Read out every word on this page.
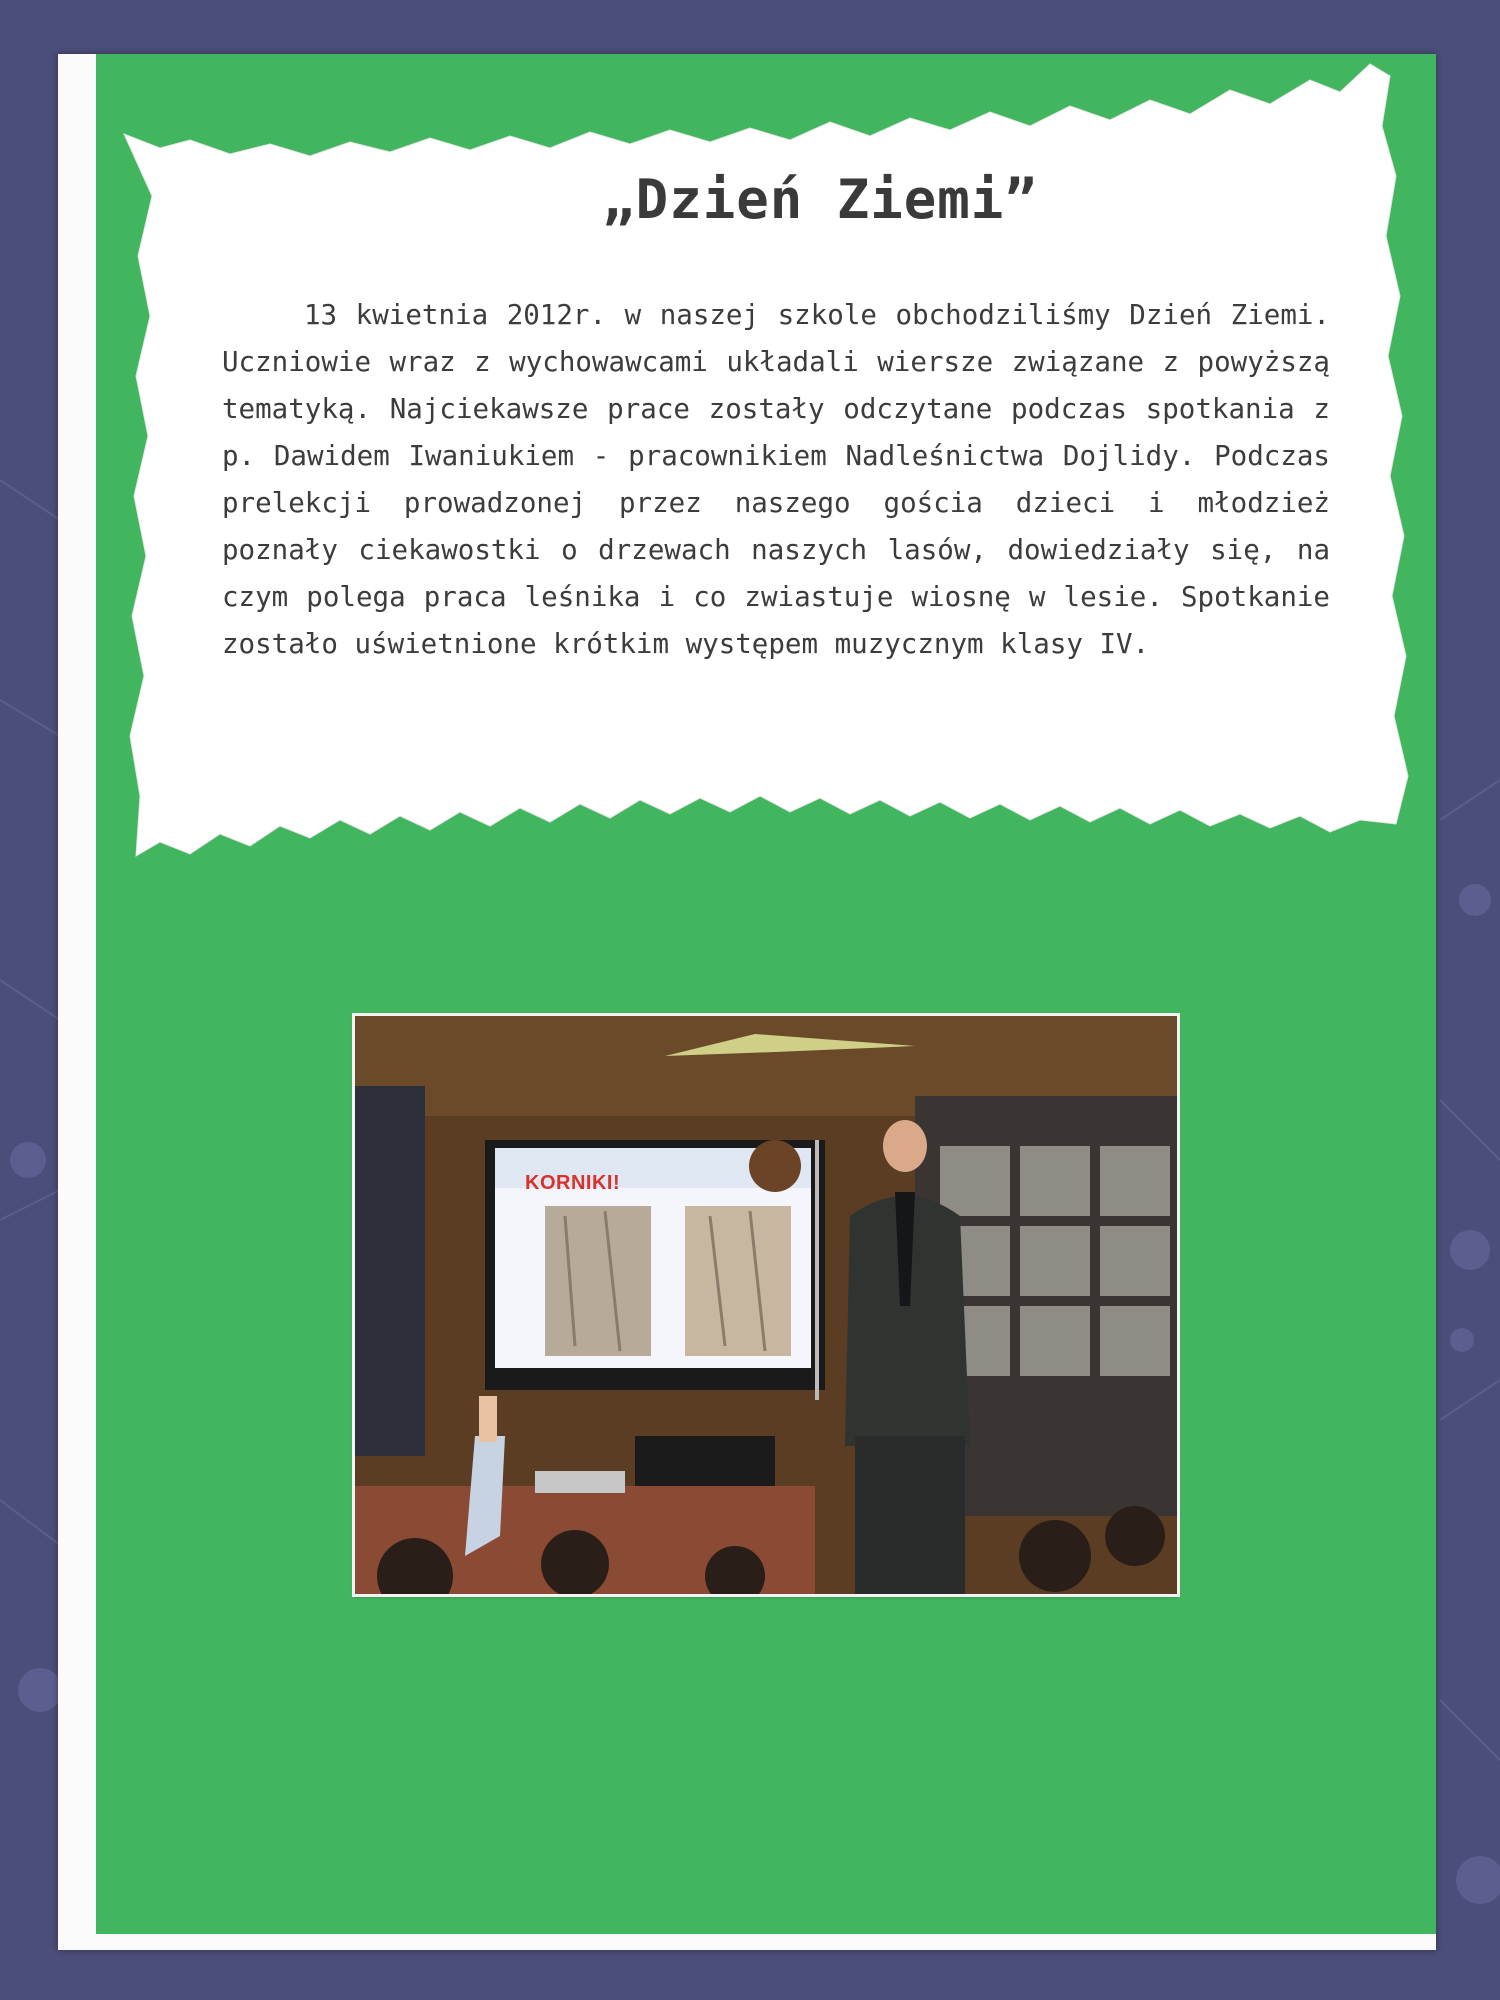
„Dzień Ziemi”

13 kwietnia 2012r. w naszej szkole obchodziliśmy Dzień Ziemi. Uczniowie wraz z wychowawcami układali wiersze związane z powyższą tematyką. Najciekawsze prace zostały odczytane podczas spotkania z p. Dawidem Iwaniukiem - pracownikiem Nadleśnictwa Dojlidy. Podczas prelekcji prowadzonej przez naszego gościa dzieci i młodzież poznały ciekawostki o drzewach naszych lasów, dowiedziały się, na czym polega praca leśnika i co zwiastuje wiosnę w lesie. Spotkanie zostało uświetnione krótkim występem muzycznym klasy IV.

KORNIKI!
